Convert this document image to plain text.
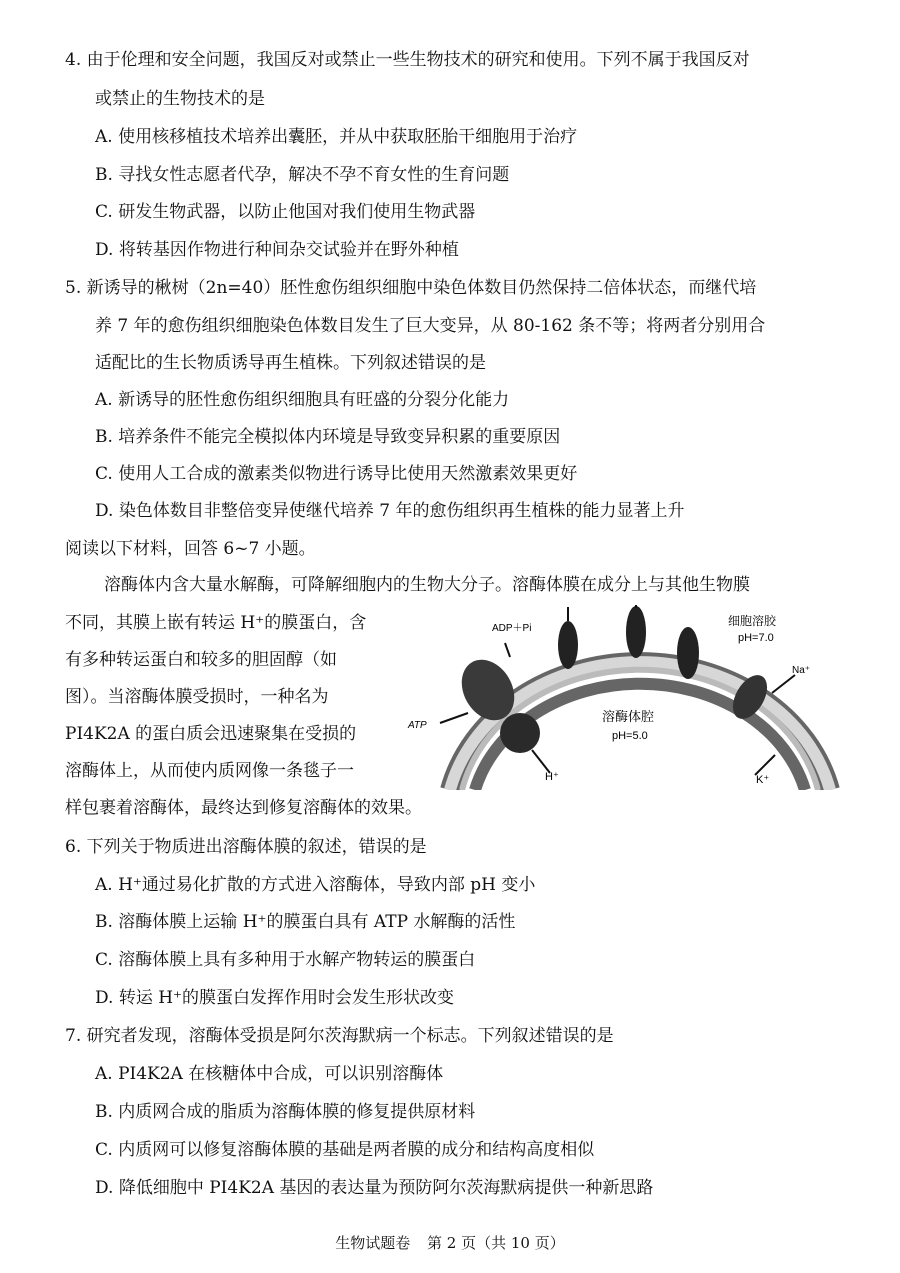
4. 由于伦理和安全问题，我国反对或禁止一些生物技术的研究和使用。下列不属于我国反对
或禁止的生物技术的是
A. 使用核移植技术培养出囊胚，并从中获取胚胎干细胞用于治疗
B. 寻找女性志愿者代孕，解决不孕不育女性的生育问题
C. 研发生物武器，以防止他国对我们使用生物武器
D. 将转基因作物进行种间杂交试验并在野外种植
5. 新诱导的楸树（2n=40）胚性愈伤组织细胞中染色体数目仍然保持二倍体状态，而继代培
养 7 年的愈伤组织细胞染色体数目发生了巨大变异，从 80-162 条不等；将两者分别用合
适配比的生长物质诱导再生植株。下列叙述错误的是
A. 新诱导的胚性愈伤组织细胞具有旺盛的分裂分化能力
B. 培养条件不能完全模拟体内环境是导致变异积累的重要原因
C. 使用人工合成的激素类似物进行诱导比使用天然激素效果更好
D. 染色体数目非整倍变异使继代培养 7 年的愈伤组织再生植株的能力显著上升
阅读以下材料，回答 6~7 小题。
溶酶体内含大量水解酶，可降解细胞内的生物大分子。溶酶体膜在成分上与其他生物膜
不同，其膜上嵌有转运 H⁺的膜蛋白，含
有多种转运蛋白和较多的胆固醇（如
图）。当溶酶体膜受损时，一种名为
PI4K2A 的蛋白质会迅速聚集在受损的
溶酶体上，从而使内质网像一条毯子一
样包裹着溶酶体，最终达到修复溶酶体的效果。
ADP＋Pi
ATP
H⁺
Na⁺
K⁺
细胞溶胶
pH=7.0
溶酶体腔
pH=5.0
6. 下列关于物质进出溶酶体膜的叙述，错误的是
A. H⁺通过易化扩散的方式进入溶酶体，导致内部 pH 变小
B. 溶酶体膜上运输 H⁺的膜蛋白具有 ATP 水解酶的活性
C. 溶酶体膜上具有多种用于水解产物转运的膜蛋白
D. 转运 H⁺的膜蛋白发挥作用时会发生形状改变
7. 研究者发现，溶酶体受损是阿尔茨海默病一个标志。下列叙述错误的是
A. PI4K2A 在核糖体中合成，可以识别溶酶体
B. 内质网合成的脂质为溶酶体膜的修复提供原材料
C. 内质网可以修复溶酶体膜的基础是两者膜的成分和结构高度相似
D. 降低细胞中 PI4K2A 基因的表达量为预防阿尔茨海默病提供一种新思路
生物试题卷 第 2 页（共 10 页）
